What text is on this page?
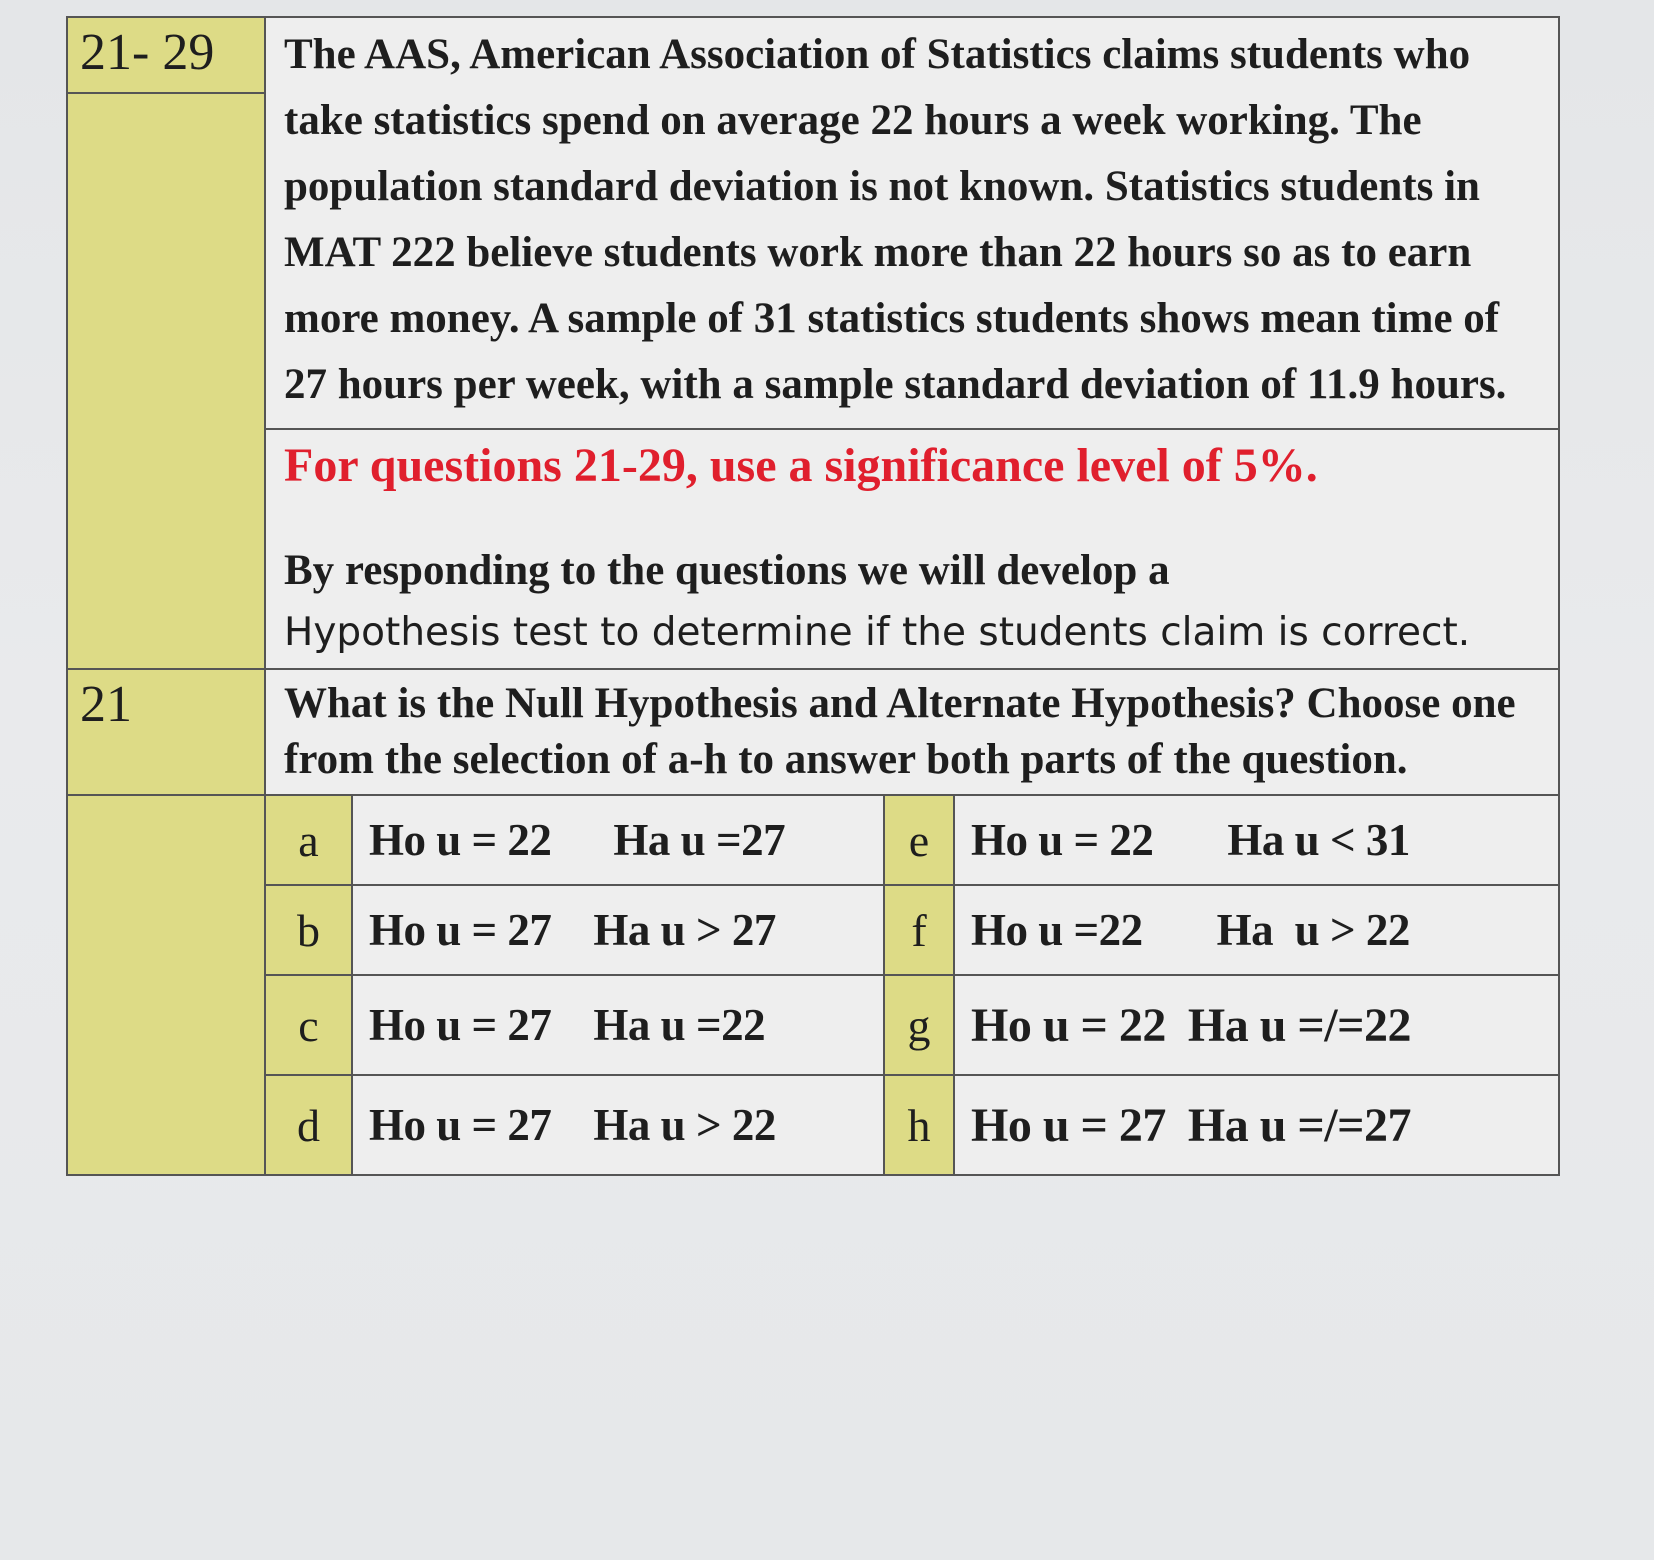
21- 29	The AAS, American Association of Statistics claims students who take statistics spend on average 22 hours a week working. The population standard deviation is not known. Statistics students in MAT 222 believe students work more than 22 hours so as to earn more money. A sample of 31 statistics students shows mean time of 27 hours per week, with a sample standard deviation of 11.9 hours.

For questions 21-29, use a significance level of 5%.

By responding to the questions we will develop a

Hypothesis test to determine if the students claim is correct.

21	What is the Null Hypothesis and Alternate Hypothesis? Choose one from the selection of a-h to answer both parts of the question.

a	Ho u = 22 Ha u =27	e	Ho u = 22 Ha u < 31
b	Ho u = 27 Ha u > 27	f	Ho u =22 Ha  u > 22
c	Ho u = 27 Ha u =22	g	Ho u = 22 Ha u =/=22
d	Ho u = 27 Ha u > 22	h	Ho u = 27 Ha u =/=27
